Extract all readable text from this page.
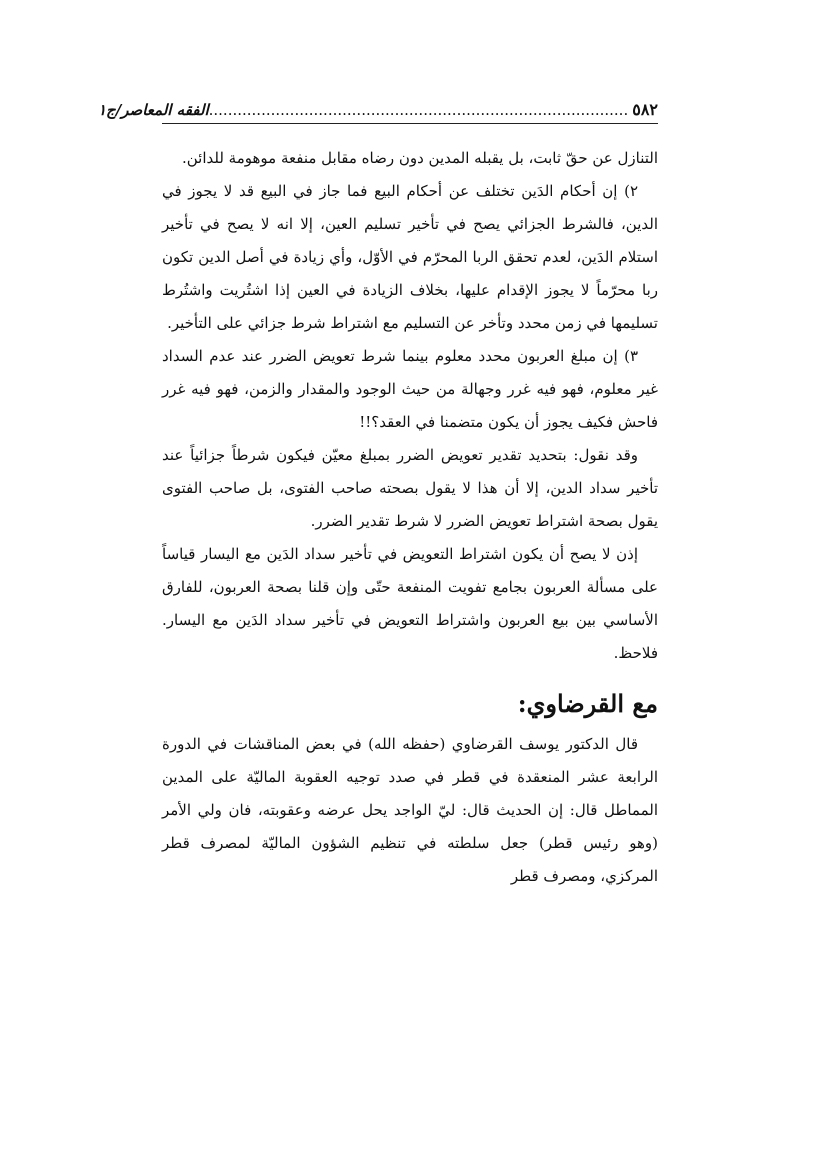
٥٨٢
........................................................................................الفقه المعاصر/ج١

التنازل عن حقّ ثابت، بل يقبله المدين دون رضاه مقابل منفعة موهومة للدائن.

٢) إن أحكام الدَين تختلف عن أحكام البيع فما جاز في البيع قد لا يجوز في الدين، فالشرط الجزائي يصح في تأخير تسليم العين، إلا انه لا يصح في تأخير استلام الدَين، لعدم تحقق الربا المحرّم في الأوّل، وأي زيادة في أصل الدين تكون ربا محرّماً لا يجوز الإقدام عليها، بخلاف الزيادة في العين إذا اشتُريت واشتُرط تسليمها في زمن محدد وتأخر عن التسليم مع اشتراط شرط جزائي على التأخير.

٣) إن مبلغ العربون محدد معلوم بينما شرط تعويض الضرر عند عدم السداد غير معلوم، فهو فيه غرر وجهالة من حيث الوجود والمقدار والزمن، فهو فيه غرر فاحش فكيف يجوز أن يكون متضمنا في العقد؟!!

وقد نقول: بتحديد تقدير تعويض الضرر بمبلغ معيّن فيكون شرطاً جزائياً عند تأخير سداد الدين، إلا أن هذا لا يقول بصحته صاحب الفتوى، بل صاحب الفتوى يقول بصحة اشتراط تعويض الضرر لا شرط تقدير الضرر.

إذن لا يصح أن يكون اشتراط التعويض في تأخير سداد الدَين مع اليسار قياساً على مسألة العربون بجامع تفويت المنفعة حتّى وإن قلنا بصحة العربون، للفارق الأساسي بين بيع العربون واشتراط التعويض في تأخير سداد الدَين مع اليسار. فلاحظ.

مع القرضاوي:

قال الدكتور يوسف القرضاوي (حفظه الله) في بعض المناقشات في الدورة الرابعة عشر المنعقدة في قطر في صدد توجيه العقوبة الماليّة على المدين المماطل قال: إن الحديث قال: ليّ الواجد يحل عرضه وعقوبته، فان ولي الأمر (وهو رئيس قطر) جعل سلطته في تنظيم الشؤون الماليّة لمصرف قطر المركزي، ومصرف قطر
